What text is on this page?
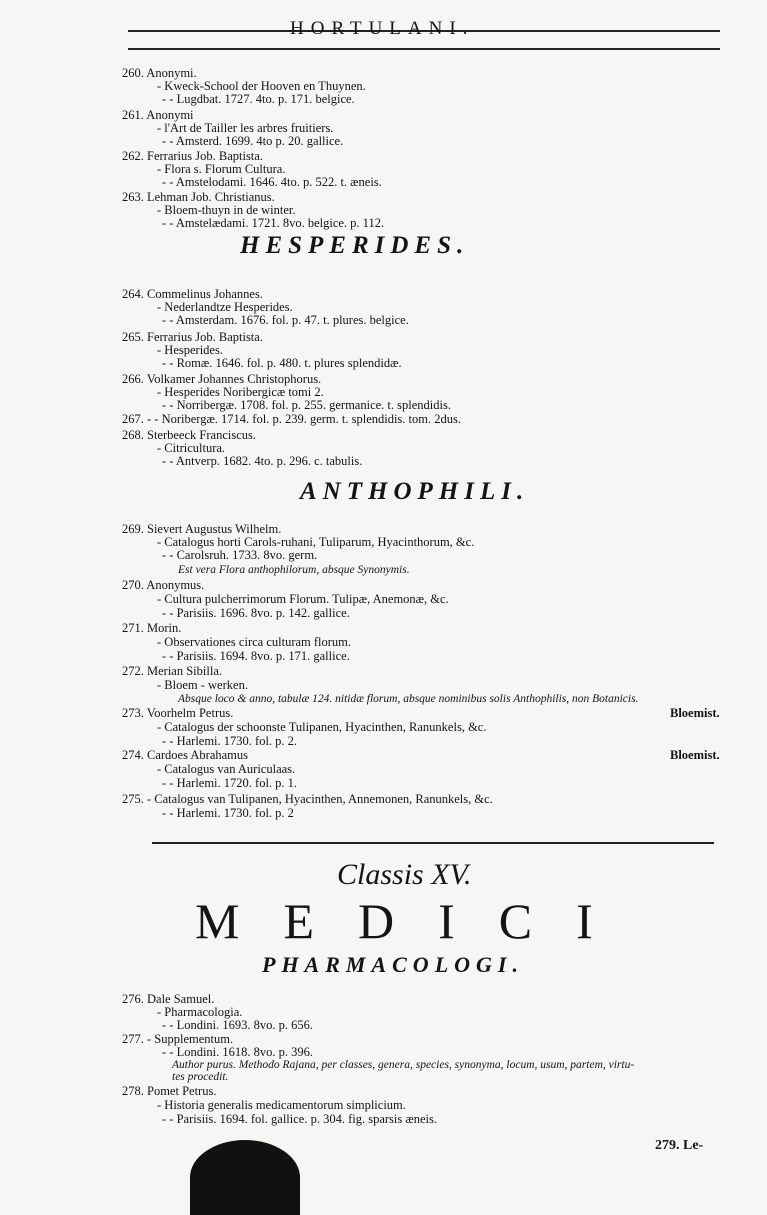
HORTULANI.
HESPERIDES.
ANTHOPHILI.
260. Anonymi.
- Kweck-School der Hooven en Thuynen.
- - Lugdbat. 1727. 4to. p. 171. belgice.
261. Anonymi
- l'Art de Tailler les arbres fruitiers.
- - Amsterd. 1699. 4to p. 20. gallice.
262. Ferrarius Job. Baptista.
- Flora s. Florum Cultura.
- - Amstelodami. 1646. 4to. p. 522. t. æneis.
263. Lehman Job. Christianus.
- Bloem-thuyn in de winter.
- - Amstelædami. 1721. 8vo. belgice. p. 112.
264. Commelinus Johannes.
- Nederlandtze Hesperides.
- - Amsterdam. 1676. fol. p. 47. t. plures. belgice.
265. Ferrarius Job. Baptista.
- Hesperides.
- - Romæ. 1646. fol. p. 480. t. plures splendidæ.
266. Volkamer Johannes Christophorus.
- Hesperides Noribergicæ tomi 2.
- - Norribergæ. 1708. fol. p. 255. germanice. t. splendidis.
267. - - Noribergæ. 1714. fol. p. 239. germ. t. splendidis. tom. 2dus.
268. Sterbeeck Franciscus.
- Citricultura.
- - Antverp. 1682. 4to. p. 296. c. tabulis.
269. Sievert Augustus Wilhelm.
- Catalogus horti Carols-ruhani, Tuliparum, Hyacinthorum, &c.
- - Carolsruh. 1733. 8vo. germ.
Est vera Flora anthophilorum, absque Synonymis.
270. Anonymus.
- Cultura pulcherrimorum Florum. Tulipæ, Anemonæ, &c.
- - Parisiis. 1696. 8vo. p. 142. gallice.
271. Morin.
- Observationes circa culturam florum.
- - Parisiis. 1694. 8vo. p. 171. gallice.
272. Merian Sibilla.
- Bloem - werken.
Absque loco & anno, tabulæ 124. nitidæ florum, absque nominibus solis Anthophilis, non Botanicis.
273. Voorhelm Petrus.
- Catalogus der schoonste Tulipanen, Hyacinthen, Ranunkels, &c.
- - Harlemi. 1730. fol. p. 2.
274. Cardoes Abrahamus
- Catalogus van Auriculaas.
- - Harlemi. 1720. fol. p. 1.
275. - Catalogus van Tulipanen, Hyacinthen, Annemonen, Ranunkels, &c.
- - Harlemi. 1730. fol. p. 2
276. Dale Samuel.
- Pharmacologia.
- - Londini. 1693. 8vo. p. 656.
277. - Supplementum.
- - Londini. 1618. 8vo. p. 396.
Author purus. Methodo Rajana, per classes, genera, species, synonyma, locum, usum, partem, virtu-
tes procedit.
278. Pomet Petrus.
- Historia generalis medicamentorum simplicium.
- - Parisiis. 1694. fol. gallice. p. 304. fig. sparsis æneis.
Bloemist.
Bloemist.
Classis XV.
MEDICI
PHARMACOLOGI.
279. Le-
